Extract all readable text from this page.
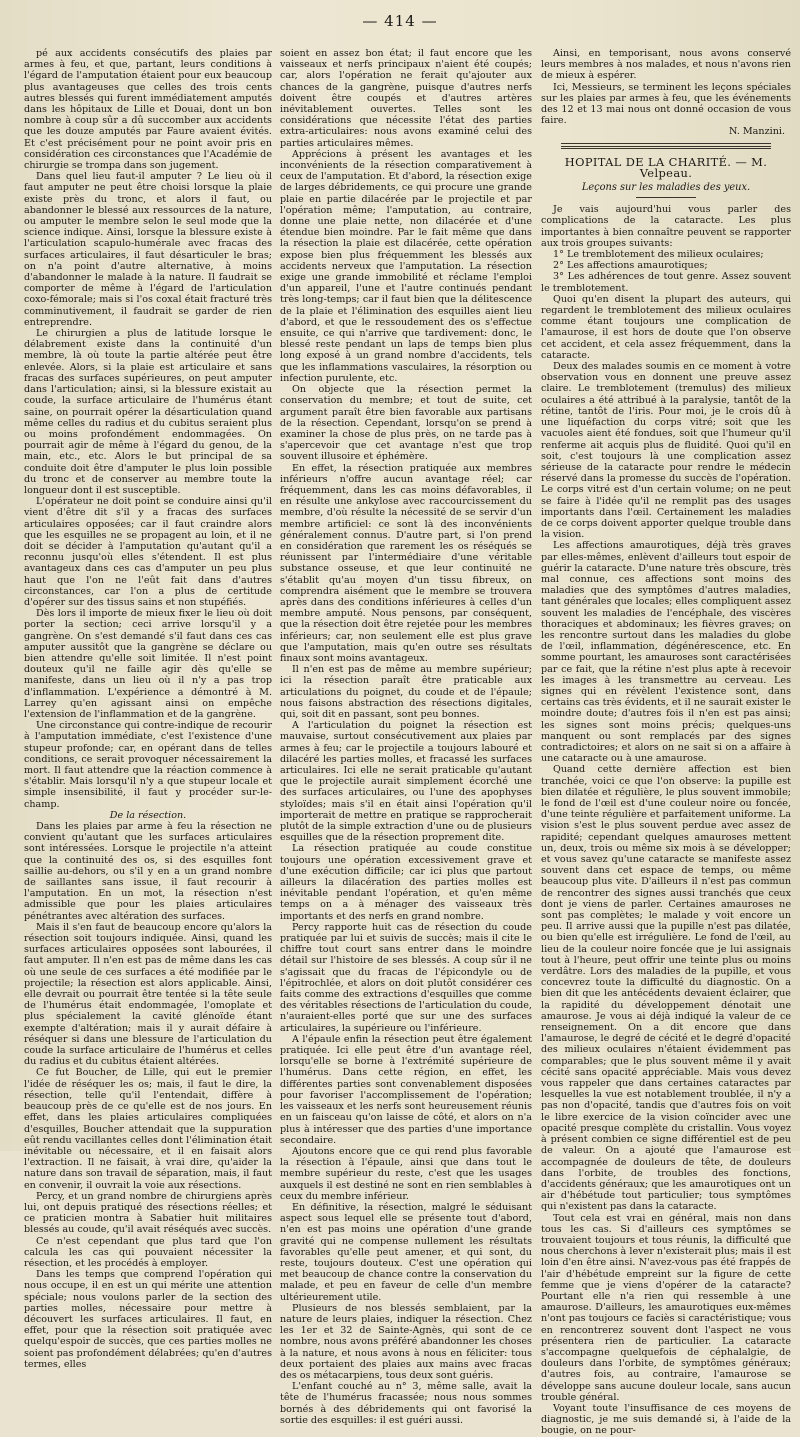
— 414 —

pé aux accidents consécutifs des plaies par armes à feu, et que, partant, leurs conditions à l'égard de l'amputation étaient pour eux beaucoup plus avantageuses que celles des trois cents autres blessés qui furent immédiatement amputés dans les hôpitaux de Lille et Douai, dont un bon nombre à coup sûr a dû succomber aux accidents que les douze amputés par Faure avaient évités. Et c'est précisément pour ne point avoir pris en considération ces circonstances que l'Académie de chirurgie se trompa dans son jugement.

Dans quel lieu faut-il amputer ? Le lieu où il faut amputer ne peut être choisi lorsque la plaie existe près du tronc, et alors il faut, ou abandonner le blessé aux ressources de la nature, ou amputer le membre selon le seul mode que la science indique. Ainsi, lorsque la blessure existe à l'articulation scapulo-humérale avec fracas des surfaces articulaires, il faut désarticuler le bras; on n'a point d'autre alternative, à moins d'abandonner le malade à la nature. Il faudrait se comporter de même à l'égard de l'articulation coxo-fémorale; mais si l'os coxal était fracturé très comminutivement, il faudrait se garder de rien entreprendre.

Le chirurgien a plus de latitude lorsque le délabrement existe dans la continuité d'un membre, là où toute la partie altérée peut être enlevée. Alors, si la plaie est articulaire et sans fracas des surfaces supérieures, on peut amputer dans l'articulation; ainsi, si la blessure existait au coude, la surface articulaire de l'humérus étant saine, on pourrait opérer la désarticulation quand même celles du radius et du cubitus seraient plus ou moins profondément endommagées. On pourrait agir de même à l'égard du genou, de la main, etc., etc. Alors le but principal de sa conduite doit être d'amputer le plus loin possible du tronc et de conserver au membre toute la longueur dont il est susceptible.

L'opérateur ne doit point se conduire ainsi qu'il vient d'être dit s'il y a fracas des surfaces articulaires opposées; car il faut craindre alors que les esquilles ne se propagent au loin, et il ne doit se décider à l'amputation qu'autant qu'il a reconnu jusqu'où elles s'étendent. Il est plus avantageux dans ces cas d'amputer un peu plus haut que l'on ne l'eût fait dans d'autres circonstances, car l'on a plus de certitude d'opérer sur des tissus sains et non stupéfiés.

Dès lors il importe de mieux fixer le lieu où doit porter la section; ceci arrive lorsqu'il y a gangrène. On s'est demandé s'il faut dans ces cas amputer aussitôt que la gangrène se déclare ou bien attendre qu'elle soit limitée. Il n'est point douteux qu'il ne faille agir dès qu'elle se manifeste, dans un lieu où il n'y a pas trop d'inflammation. L'expérience a démontré à M. Larrey qu'en agissant ainsi on empêche l'extension de l'inflammation et de la gangrène.

Une circonstance qui contre-indique de recourir à l'amputation immédiate, c'est l'existence d'une stupeur profonde; car, en opérant dans de telles conditions, ce serait provoquer nécessairement la mort. Il faut attendre que la réaction commence à s'établir. Mais lorsqu'il n'y a que stupeur locale et simple insensibilité, il faut y procéder sur-le-champ.

De la résection.

Dans les plaies par arme à feu la résection ne convient qu'autant que les surfaces articulaires sont intéressées. Lorsque le projectile n'a atteint que la continuité des os, si des esquilles font saillie au-dehors, ou s'il y en a un grand nombre de saillantes sans issue, il faut recourir à l'amputation. En un mot, la résection n'est admissible que pour les plaies articulaires pénétrantes avec altération des surfaces.

Mais il s'en faut de beaucoup encore qu'alors la résection soit toujours indiquée. Ainsi, quand les surfaces articulaires opposées sont labourées, il faut amputer. Il n'en est pas de même dans les cas où une seule de ces surfaces a été modifiée par le projectile; la résection est alors applicable. Ainsi, elle devrait ou pourrait être tentée si la tête seule de l'humérus était endommagée, l'omoplate et plus spécialement la cavité glénoïde étant exempte d'altération; mais il y aurait défaire à réséquer si dans une blessure de l'articulation du coude la surface articulaire de l'humérus et celles du radius et du cubitus étaient altérées.

Ce fut Boucher, de Lille, qui eut le premier l'idée de réséquer les os; mais, il faut le dire, la résection, telle qu'il l'entendait, diffère à beaucoup près de ce qu'elle est de nos jours. En effet, dans les plaies articulaires compliquées d'esquilles, Boucher attendait que la suppuration eût rendu vacillantes celles dont l'élimination était inévitable ou nécessaire, et il en faisait alors l'extraction. Il ne faisait, à vrai dire, qu'aider la nature dans son travail de séparation, mais, il faut en convenir, il ouvrait la voie aux résections.

Percy, et un grand nombre de chirurgiens après lui, ont depuis pratiqué des résections réelles; et ce praticien montra à Sabatier huit militaires blessés au coude, qu'il avait réséqués avec succès.

Ce n'est cependant que plus tard que l'on calcula les cas qui pouvaient nécessiter la résection, et les procédés à employer.

Dans les temps que comprend l'opération qui nous occupe, il en est un qui mérite une attention spéciale; nous voulons parler de la section des parties molles, nécessaire pour mettre à découvert les surfaces articulaires. Il faut, en effet, pour que la résection soit pratiquée avec quelqu'espoir de succès, que ces parties molles ne soient pas profondément délabrées; qu'en d'autres termes, elles

soient en assez bon état; il faut encore que les vaisseaux et nerfs principaux n'aient été coupés; car, alors l'opération ne ferait qu'ajouter aux chances de la gangrène, puisque d'autres nerfs doivent être coupés et d'autres artères inévitablement ouvertes. Telles sont les considérations que nécessite l'état des parties extra-articulaires: nous avons examiné celui des parties articulaires mêmes.

Apprécions à présent les avantages et les inconvénients de la résection comparativement à ceux de l'amputation. Et d'abord, la résection exige de larges débridements, ce qui procure une grande plaie en partie dilacérée par le projectile et par l'opération même; l'amputation, au contraire, donne une plaie nette, non dilacérée et d'une étendue bien moindre. Par le fait même que dans la résection la plaie est dilacérée, cette opération expose bien plus fréquemment les blessés aux accidents nerveux que l'amputation. La résection exige une grande immobilité et réclame l'emploi d'un appareil, l'une et l'autre continués pendant très long-temps; car il faut bien que la délitescence de la plaie et l'élimination des esquilles aient lieu d'abord, et que le ressoudement des os s'effectue ensuite, ce qui n'arrive que tardivement: donc, le blessé reste pendant un laps de temps bien plus long exposé à un grand nombre d'accidents, tels que les inflammations vasculaires, la résorption ou infection purulente, etc.

On objecte que la résection permet la conservation du membre; et tout de suite, cet argument paraît être bien favorable aux partisans de la résection. Cependant, lorsqu'on se prend à examiner la chose de plus près, on ne tarde pas à s'apercevoir que cet avantage n'est que trop souvent illusoire et éphémère.

En effet, la résection pratiquée aux membres inférieurs n'offre aucun avantage réel; car fréquemment, dans les cas moins défavorables, il en résulte une ankylose avec raccourcissement du membre, d'où résulte la nécessité de se servir d'un membre artificiel: ce sont là des inconvénients généralement connus. D'autre part, si l'on prend en considération que rarement les os réséqués se réunissent par l'intermédiaire d'une véritable substance osseuse, et que leur continuité ne s'établit qu'au moyen d'un tissu fibreux, on comprendra aisément que le membre se trouvera après dans des conditions inférieures à celles d'un membre amputé. Nous pensons, par conséquent, que la résection doit être rejetée pour les membres inférieurs; car, non seulement elle est plus grave que l'amputation, mais qu'en outre ses résultats finaux sont moins avantageux.

Il n'en est pas de même au membre supérieur; ici la résection paraît être praticable aux articulations du poignet, du coude et de l'épaule; nous faisons abstraction des résections digitales, qui, soit dit en passant, sont peu bonnes.

A l'articulation du poignet la résection est mauvaise, surtout consécutivement aux plaies par armes à feu; car le projectile a toujours labouré et dilacéré les parties molles, et fracassé les surfaces articulaires. Ici elle ne serait praticable qu'autant que le projectile aurait simplement écorché une des surfaces articulaires, ou l'une des apophyses styloïdes; mais s'il en était ainsi l'opération qu'il importerait de mettre en pratique se rapprocherait plutôt de la simple extraction d'une ou de plusieurs esquilles que de la résection proprement dite.

La résection pratiquée au coude constitue toujours une opération excessivement grave et d'une exécution difficile; car ici plus que partout ailleurs la dilacération des parties molles est inévitable pendant l'opération, et qu'en même temps on a à ménager des vaisseaux très importants et des nerfs en grand nombre.

Percy rapporte huit cas de résection du coude pratiquée par lui et suivis de succès; mais il cite le chiffre tout court sans entrer dans le moindre détail sur l'histoire de ses blessés. A coup sûr il ne s'agissait que du fracas de l'épicondyle ou de l'épitrochlée, et alors on doit plutôt considérer ces faits comme des extractions d'esquilles que comme des véritables résections de l'articulation du coude, n'auraient-elles porté que sur une des surfaces articulaires, la supérieure ou l'inférieure.

A l'épaule enfin la résection peut être également pratiquée. Ici elle peut être d'un avantage réel, lorsqu'elle se borne à l'extrémité supérieure de l'humérus. Dans cette région, en effet, les différentes parties sont convenablement disposées pour favoriser l'accomplissement de l'opération; les vaisseaux et les nerfs sont heureusement réunis en un faisceau qu'on laisse de côté, et alors on n'a plus à intéresser que des parties d'une importance secondaire.

Ajoutons encore que ce qui rend plus favorable la résection à l'épaule, ainsi que dans tout le membre supérieur du reste, c'est que les usages auxquels il est destiné ne sont en rien semblables à ceux du membre inférieur.

En définitive, la résection, malgré le séduisant aspect sous lequel elle se présente tout d'abord, n'en est pas moins une opération d'une grande gravité qui ne compense nullement les résultats favorables qu'elle peut amener, et qui sont, du reste, toujours douteux. C'est une opération qui met beaucoup de chance contre la conservation du malade, et peu en faveur de celle d'un membre ultérieurement utile.

Plusieurs de nos blessés semblaient, par la nature de leurs plaies, indiquer la résection. Chez les 1er et 32 de Sainte-Agnès, qui sont de ce nombre, nous avons préféré abandonner les choses à la nature, et nous avons à nous en féliciter: tous deux portaient des plaies aux mains avec fracas des os métacarpiens, tous deux sont guéris.

L'enfant couché au n° 3, même salle, avait la tête de l'humérus fracassée; nous nous sommes bornés à des débridements qui ont favorisé la sortie des esquilles: il est guéri aussi.

Ainsi, en temporisant, nous avons conservé leurs membres à nos malades, et nous n'avons rien de mieux à espérer.

Ici, Messieurs, se terminent les leçons spéciales sur les plaies par armes à feu, que les événements des 12 et 13 mai nous ont donné occasion de vous faire.

N. Manzini.

HOPITAL DE LA CHARITÉ. — M. Velpeau.
Leçons sur les maladies des yeux.

Je vais aujourd'hui vous parler des complications de la cataracte. Les plus importantes à bien connaître peuvent se rapporter aux trois groupes suivants:

1° Le tremblotement des milieux oculaires;

2° Les affections amaurotiques;

3° Les adhérences de tout genre. Assez souvent le tremblotement.

Quoi qu'en disent la plupart des auteurs, qui regardent le tremblotement des milieux oculaires comme étant toujours une complication de l'amaurose, il est hors de doute que l'on observe cet accident, et cela assez fréquemment, dans la cataracte.

Deux des malades soumis en ce moment à votre observation vous en donnent une preuve assez claire. Le tremblotement (tremulus) des milieux oculaires a été attribué à la paralysie, tantôt de la rétine, tantôt de l'iris. Pour moi, je le crois dû à une liquéfaction du corps vitré; soit que les vacuoles aient été fondues, soit que l'humeur qu'il renferme ait acquis plus de fluidité. Quoi qu'il en soit, c'est toujours là une complication assez sérieuse de la cataracte pour rendre le médecin réservé dans la promesse du succès de l'opération. Le corps vitré est d'un certain volume; on ne peut se faire à l'idée qu'il ne remplit pas des usages importants dans l'œil. Certainement les maladies de ce corps doivent apporter quelque trouble dans la vision.

Les affections amaurotiques, déjà très graves par elles-mêmes, enlèvent d'ailleurs tout espoir de guérir la cataracte. D'une nature très obscure, très mal connue, ces affections sont moins des maladies que des symptômes d'autres maladies, tant générales que locales; elles compliquent assez souvent les maladies de l'encéphale, des viscères thoraciques et abdominaux; les fièvres graves; on les rencontre surtout dans les maladies du globe de l'œil, inflammation, dégénérescence, etc. En somme pourtant, les amauroses sont caractérisées par ce fait, que la rétine n'est plus apte à recevoir les images à les transmettre au cerveau. Les signes qui en révèlent l'existence sont, dans certains cas très évidents, et il ne saurait exister le moindre doute; d'autres fois il n'en est pas ainsi; les signes sont moins précis; quelques-uns manquent ou sont remplacés par des signes contradictoires; et alors on ne sait si on a affaire à une cataracte ou à une amaurose.

Quand cette dernière affection est bien tranchée, voici ce que l'on observe: la pupille est bien dilatée et régulière, le plus souvent immobile; le fond de l'œil est d'une couleur noire ou foncée, d'une teinte régulière et parfaitement uniforme. La vision s'est le plus souvent perdue avec assez de rapidité; cependant quelques amauroses mettent un, deux, trois ou même six mois à se développer; et vous savez qu'une cataracte se manifeste assez souvent dans cet espace de temps, ou même beaucoup plus vite. D'ailleurs il n'est pas commun de rencontrer des signes aussi tranchés que ceux dont je viens de parler. Certaines amauroses ne sont pas complètes; le malade y voit encore un peu. Il arrive aussi que la pupille n'est pas dilatée, ou bien qu'elle est irrégulière. Le fond de l'œil, au lieu de la couleur noire foncée que je lui assignais tout à l'heure, peut offrir une teinte plus ou moins verdâtre. Lors des maladies de la pupille, et vous concevrez toute la difficulté du diagnostic. On a bien dit que les antécédents devaient éclairer, que la rapidité du développement dénotait une amaurose. Je vous ai déjà indiqué la valeur de ce renseignement. On a dit encore que dans l'amaurose, le degré de cécité et le degré d'opacité des milieux oculaires n'étaient évidemment pas comparables; que le plus souvent même il y avait cécité sans opacité appréciable. Mais vous devez vous rappeler que dans certaines cataractes par lesquelles la vue est notablement troublée, il n'y a pas non d'opacité, tandis que d'autres fois on voit le libre exercice de la vision coïncider avec une opacité presque complète du cristallin. Vous voyez à présent combien ce signe différentiel est de peu de valeur. On a ajouté que l'amaurose est accompagnée de douleurs de tête, de douleurs dans l'orbite, de troubles des fonctions, d'accidents généraux; que les amaurotiques ont un air d'hébétude tout particulier; tous symptômes qui n'existent pas dans la cataracte.

Tout cela est vrai en général, mais non dans tous les cas. Si d'ailleurs ces symptômes se trouvaient toujours et tous réunis, la difficulté que nous cherchons à lever n'existerait plus; mais il est loin d'en être ainsi. N'avez-vous pas été frappés de l'air d'hébétude empreint sur la figure de cette femme que je viens d'opérer de la cataracte? Pourtant elle n'a rien qui ressemble à une amaurose. D'ailleurs, les amaurotiques eux-mêmes n'ont pas toujours ce faciès si caractéristique; vous en rencontrerez souvent dont l'aspect ne vous présentera rien de particulier. La cataracte s'accompagne quelquefois de céphalalgie, de douleurs dans l'orbite, de symptômes généraux; d'autres fois, au contraire, l'amaurose se développe sans aucune douleur locale, sans aucun trouble général.

Voyant toute l'insuffisance de ces moyens de diagnostic, je me suis demandé si, à l'aide de la bougie, on ne pour-
